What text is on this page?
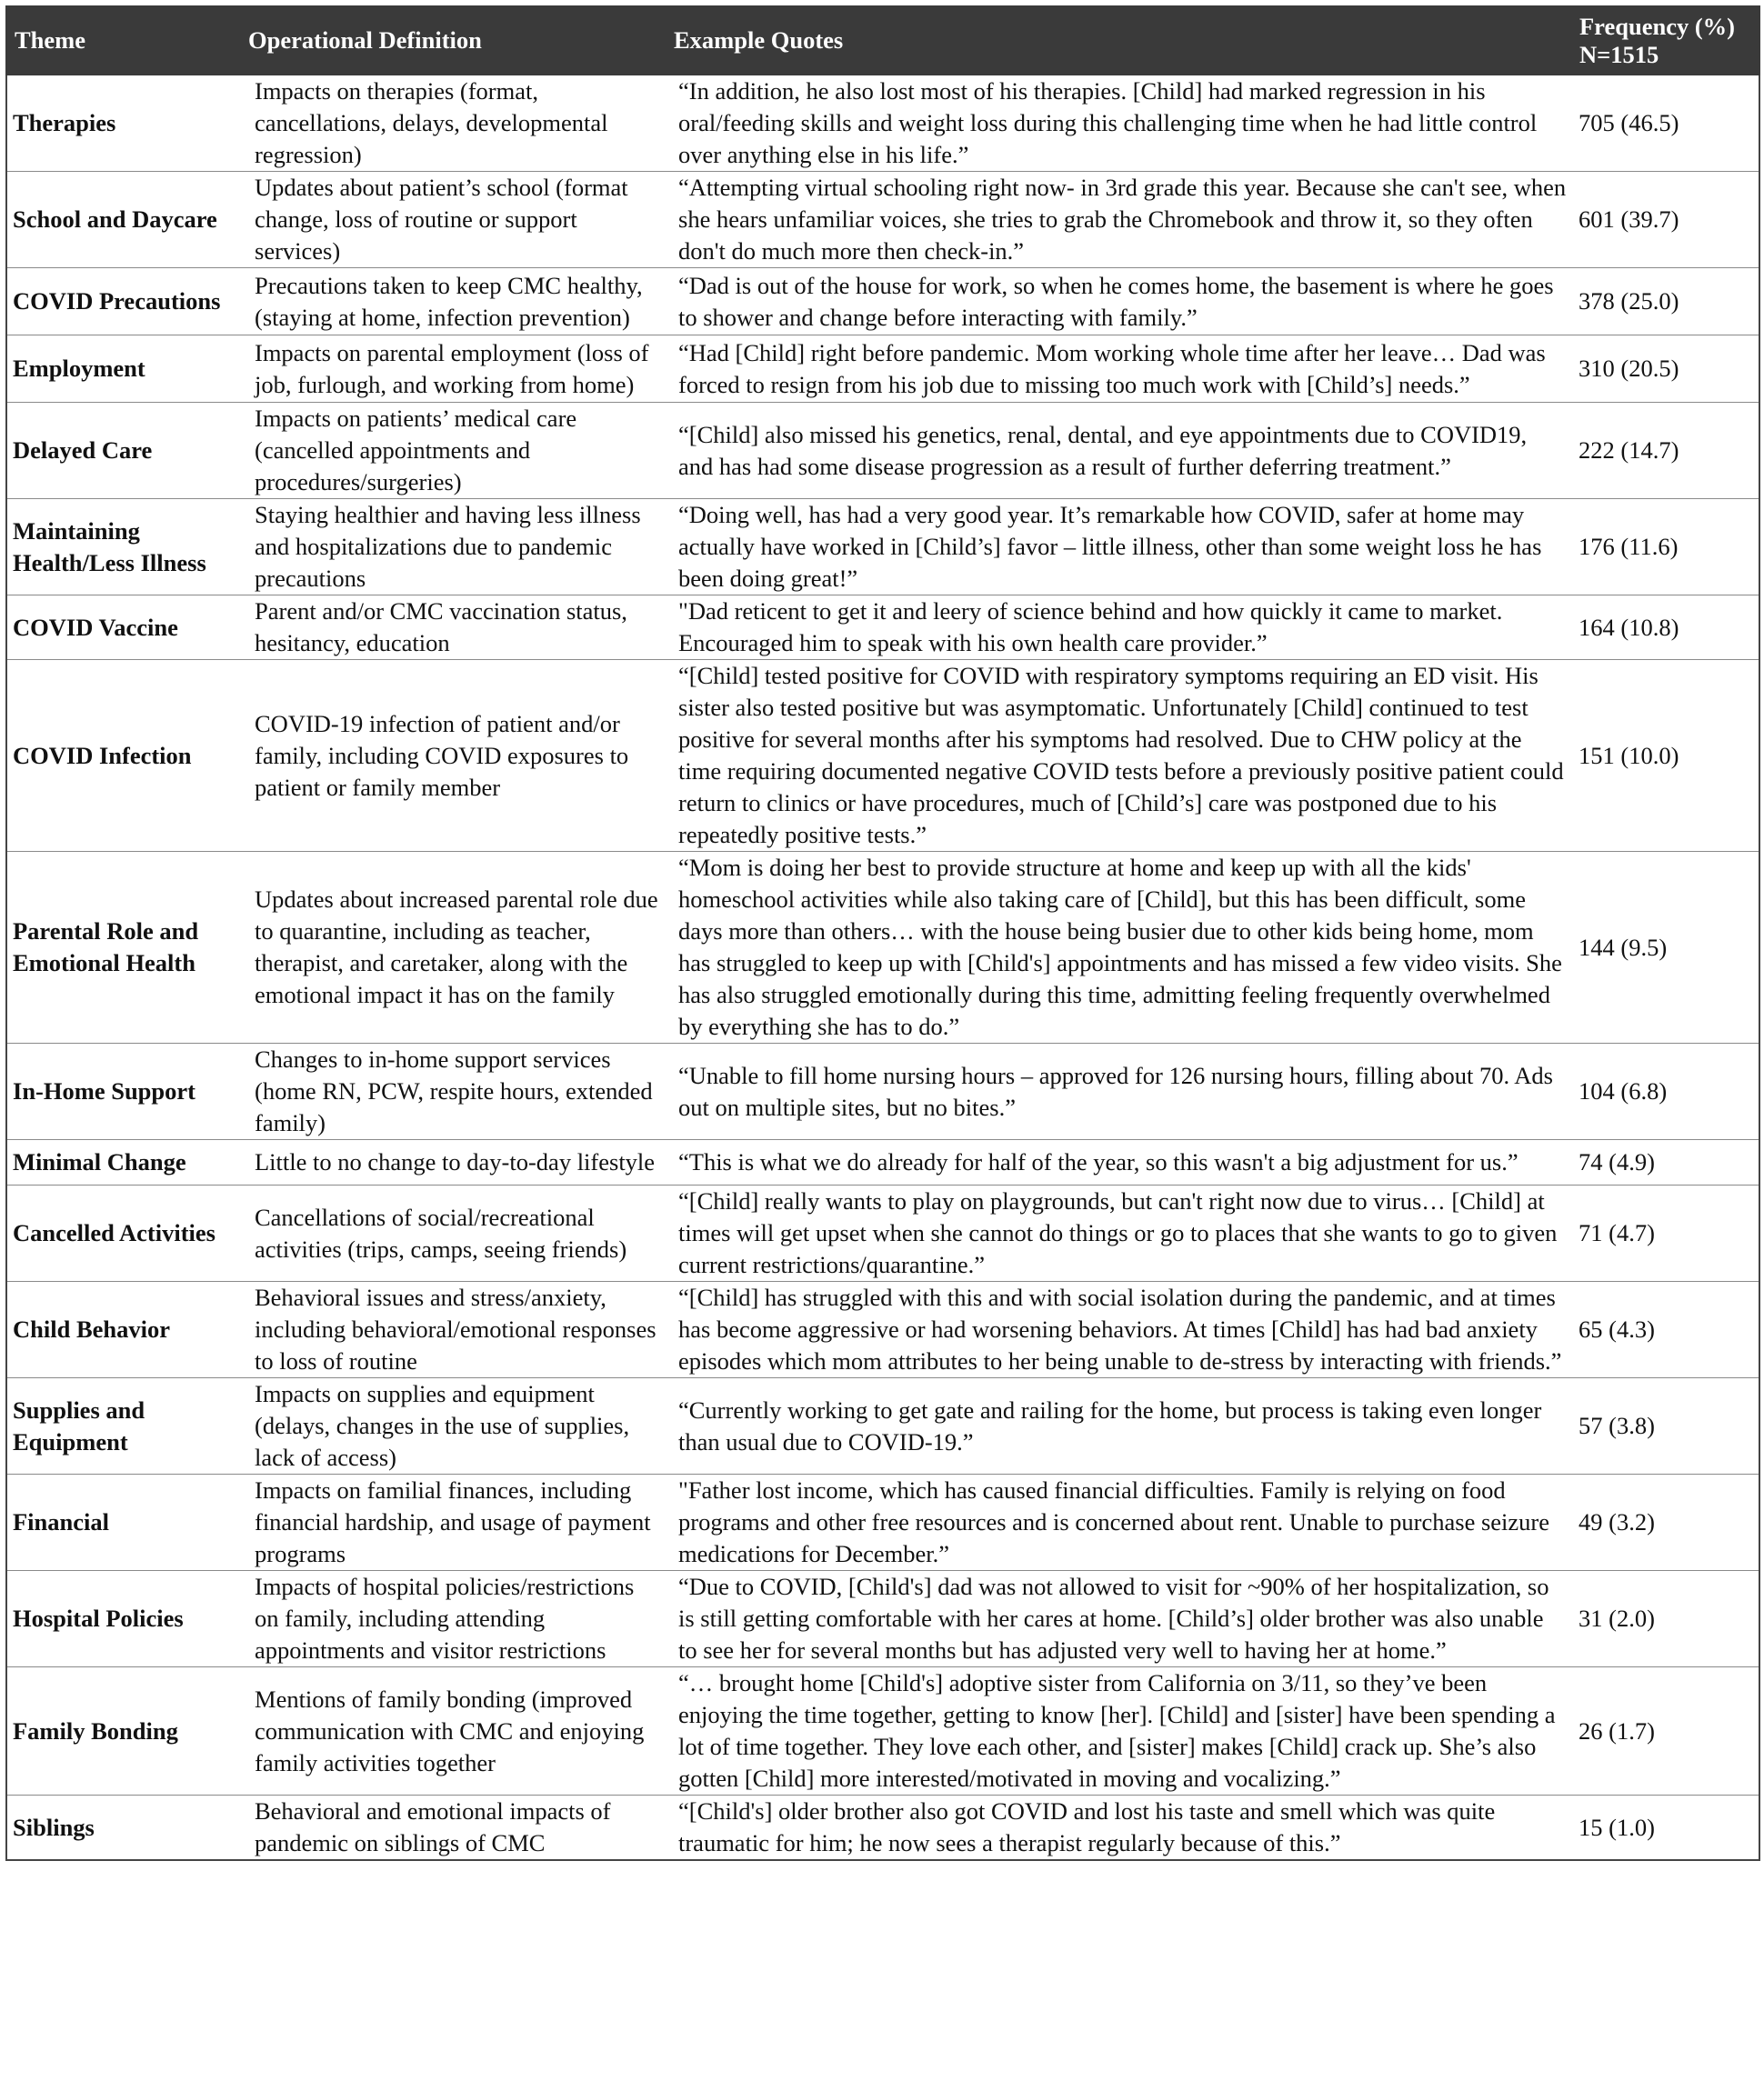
Theme	Operational Definition	Example Quotes	Frequency (%)
N=1515
Therapies	Impacts on therapies (format, cancellations, delays, developmental regression)	“In addition, he also lost most of his therapies. [Child] had marked regression in his oral/feeding skills and weight loss during this challenging time when he had little control over anything else in his life.”	705 (46.5)
School and Daycare	Updates about patient’s school (format change, loss of routine or support services)	“Attempting virtual schooling right now- in 3rd grade this year. Because she can't see, when she hears unfamiliar voices, she tries to grab the Chromebook and throw it, so they often don't do much more then check-in.”	601 (39.7)
COVID Precautions	Precautions taken to keep CMC healthy, (staying at home, infection prevention)	“Dad is out of the house for work, so when he comes home, the basement is where he goes to shower and change before interacting with family.”	378 (25.0)
Employment	Impacts on parental employment (loss of job, furlough, and working from home)	“Had [Child] right before pandemic. Mom working whole time after her leave… Dad was forced to resign from his job due to missing too much work with [Child’s] needs.”	310 (20.5)
Delayed Care	Impacts on patients’ medical care (cancelled appointments and procedures/surgeries)	“[Child] also missed his genetics, renal, dental, and eye appointments due to COVID19, and has had some disease progression as a result of further deferring treatment.”	222 (14.7)
Maintaining Health/Less Illness	Staying healthier and having less illness and hospitalizations due to pandemic precautions	“Doing well, has had a very good year. It’s remarkable how COVID, safer at home may actually have worked in [Child’s] favor – little illness, other than some weight loss he has been doing great!”	176 (11.6)
COVID Vaccine	Parent and/or CMC vaccination status, hesitancy, education	"Dad reticent to get it and leery of science behind and how quickly it came to market. Encouraged him to speak with his own health care provider.”	164 (10.8)
COVID Infection	COVID-19 infection of patient and/or family, including COVID exposures to patient or family member	“[Child] tested positive for COVID with respiratory symptoms requiring an ED visit. His sister also tested positive but was asymptomatic. Unfortunately [Child] continued to test positive for several months after his symptoms had resolved. Due to CHW policy at the time requiring documented negative COVID tests before a previously positive patient could return to clinics or have procedures, much of [Child’s] care was postponed due to his repeatedly positive tests.”	151 (10.0)
Parental Role and Emotional Health	Updates about increased parental role due to quarantine, including as teacher, therapist, and caretaker, along with the emotional impact it has on the family	“Mom is doing her best to provide structure at home and keep up with all the kids' homeschool activities while also taking care of [Child], but this has been difficult, some days more than others… with the house being busier due to other kids being home, mom has struggled to keep up with [Child's] appointments and has missed a few video visits. She has also struggled emotionally during this time, admitting feeling frequently overwhelmed by everything she has to do.”	144 (9.5)
In-Home Support	Changes to in-home support services (home RN, PCW, respite hours, extended family)	“Unable to fill home nursing hours – approved for 126 nursing hours, filling about 70. Ads out on multiple sites, but no bites.”	104 (6.8)
Minimal Change	Little to no change to day-to-day lifestyle	“This is what we do already for half of the year, so this wasn't a big adjustment for us.”	74 (4.9)
Cancelled Activities	Cancellations of social/recreational activities (trips, camps, seeing friends)	“[Child] really wants to play on playgrounds, but can't right now due to virus… [Child] at times will get upset when she cannot do things or go to places that she wants to go to given current restrictions/quarantine.”	71 (4.7)
Child Behavior	Behavioral issues and stress/anxiety, including behavioral/emotional responses to loss of routine	“[Child] has struggled with this and with social isolation during the pandemic, and at times has become aggressive or had worsening behaviors. At times [Child] has had bad anxiety episodes which mom attributes to her being unable to de-stress by interacting with friends.”	65 (4.3)
Supplies and Equipment	Impacts on supplies and equipment (delays, changes in the use of supplies, lack of access)	“Currently working to get gate and railing for the home, but process is taking even longer than usual due to COVID-19.”	57 (3.8)
Financial	Impacts on familial finances, including financial hardship, and usage of payment programs	"Father lost income, which has caused financial difficulties. Family is relying on food programs and other free resources and is concerned about rent. Unable to purchase seizure medications for December.”	49 (3.2)
Hospital Policies	Impacts of hospital policies/restrictions on family, including attending appointments and visitor restrictions	“Due to COVID, [Child's] dad was not allowed to visit for ~90% of her hospitalization, so is still getting comfortable with her cares at home. [Child’s] older brother was also unable to see her for several months but has adjusted very well to having her at home.”	31 (2.0)
Family Bonding	Mentions of family bonding (improved communication with CMC and enjoying family activities together	“… brought home [Child's] adoptive sister from California on 3/11, so they’ve been enjoying the time together, getting to know [her]. [Child] and [sister] have been spending a lot of time together. They love each other, and [sister] makes [Child] crack up. She’s also gotten [Child] more interested/motivated in moving and vocalizing.”	26 (1.7)
Siblings	Behavioral and emotional impacts of pandemic on siblings of CMC	“[Child's] older brother also got COVID and lost his taste and smell which was quite traumatic for him; he now sees a therapist regularly because of this.”	15 (1.0)
